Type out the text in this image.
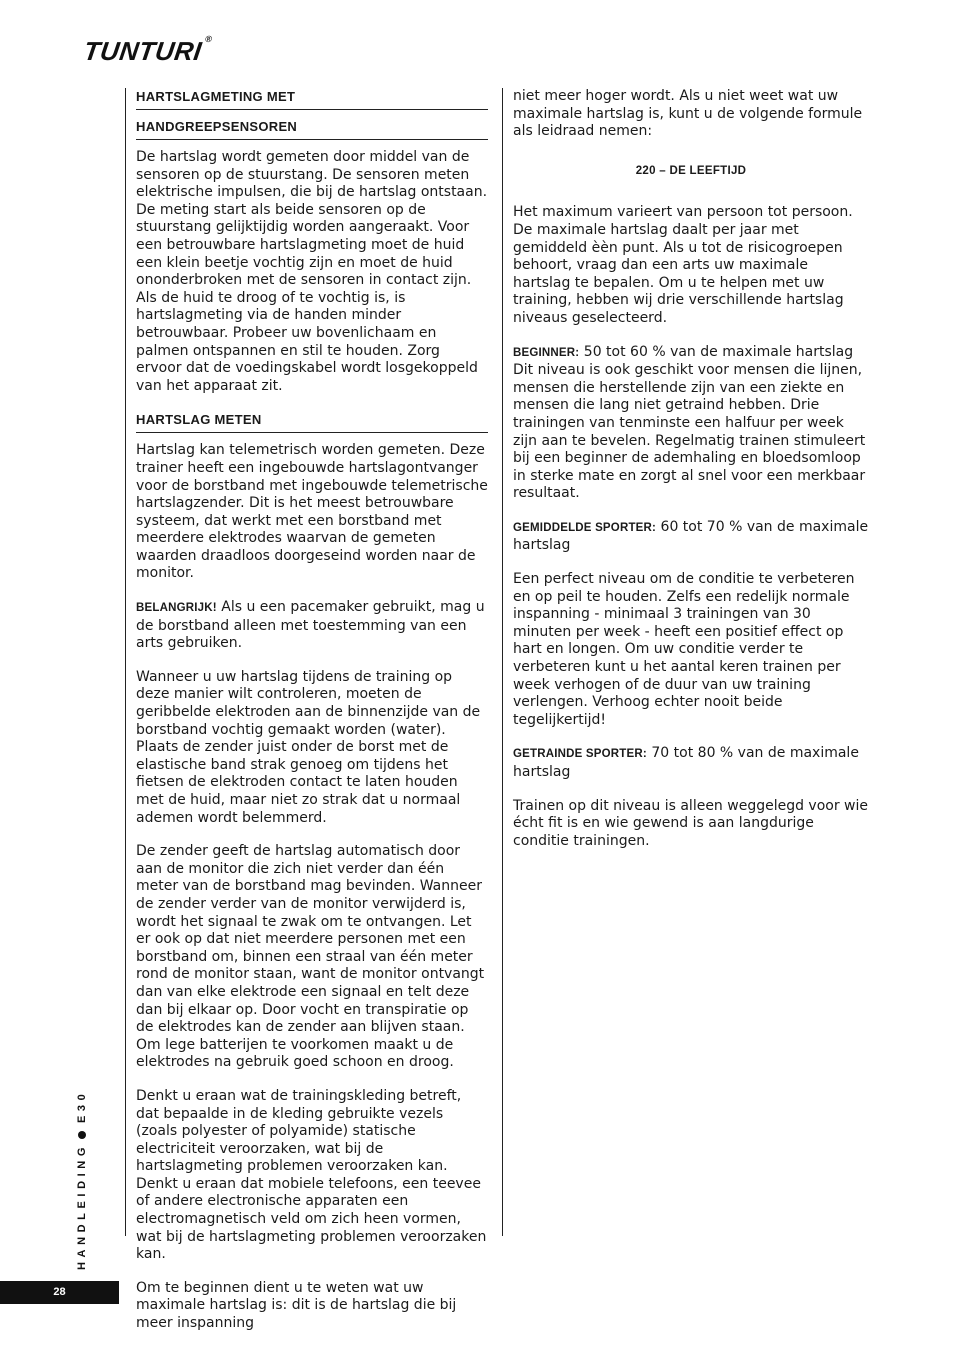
TUNTURI®
HARTSLAGMETING MET
HANDGREEPSENSOREN

De hartslag wordt gemeten door middel van de sensoren op de stuurstang. De sensoren meten elektrische impulsen, die bij de hartslag ontstaan. De meting start als beide sensoren op de stuurstang gelijktijdig worden aangeraakt. Voor een betrouwbare hartslagmeting moet de huid een klein beetje vochtig zijn en moet de huid ononderbroken met de sensoren in contact zijn. Als de huid te droog of te vochtig is, is hartslagmeting via de handen minder betrouwbaar. Probeer uw bovenlichaam en palmen ontspannen en stil te houden. Zorg ervoor dat de voedingskabel wordt losgekoppeld van het apparaat zit.

HARTSLAG METEN

Hartslag kan telemetrisch worden gemeten. Deze trainer heeft een ingebouwde hartslagontvanger voor de borstband met ingebouwde telemetrische hartslagzender. Dit is het meest betrouwbare systeem, dat werkt met een borstband met meerdere elektrodes waarvan de gemeten waarden draadloos doorgeseind worden naar de monitor.

BELANGRIJK! Als u een pacemaker gebruikt, mag u de borstband alleen met toestemming van een arts gebruiken.

Wanneer u uw hartslag tijdens de training op deze manier wilt controleren, moeten de geribbelde elektroden aan de binnenzijde van de borstband vochtig gemaakt worden (water). Plaats de zender juist onder de borst met de elastische band strak genoeg om tijdens het fietsen de elektroden contact te laten houden met de huid, maar niet zo strak dat u normaal ademen wordt belemmerd.

De zender geeft de hartslag automatisch door aan de monitor die zich niet verder dan één meter van de borstband mag bevinden. Wanneer de zender verder van de monitor verwijderd is, wordt het signaal te zwak om te ontvangen. Let er ook op dat niet meerdere personen met een borstband om, binnen een straal van één meter rond de monitor staan, want de monitor ontvangt dan van elke elektrode een signaal en telt deze dan bij elkaar op. Door vocht en transpiratie op de elektrodes kan de zender aan blijven staan. Om lege batterijen te voorkomen maakt u de elektrodes na gebruik goed schoon en droog.

Denkt u eraan wat de trainingskleding betreft, dat bepaalde in de kleding gebruikte vezels (zoals polyester of polyamide) statische electriciteit veroorzaken, wat bij de hartslagmeting problemen veroorzaken kan. Denkt u eraan dat mobiele telefoons, een teevee of andere electronische apparaten een electromagnetisch veld om zich heen vormen, wat bij de hartslagmeting problemen veroorzaken kan.

Om te beginnen dient u te weten wat uw maximale hartslag is: dit is de hartslag die bij meer inspanning

niet meer hoger wordt. Als u niet weet wat uw maximale hartslag is, kunt u de volgende formule als leidraad nemen:

220 – DE LEEFTIJD

Het maximum varieert van persoon tot persoon. De maximale hartslag daalt per jaar met gemiddeld èèn punt. Als u tot de risicogroepen behoort, vraag dan een arts uw maximale hartslag te bepalen. Om u te helpen met uw training, hebben wij drie verschillende hartslag niveaus geselecteerd.

BEGINNER: 50 tot 60 % van de maximale hartslag Dit niveau is ook geschikt voor mensen die lijnen, mensen die herstellende zijn van een ziekte en mensen die lang niet getraind hebben. Drie trainingen van tenminste een halfuur per week zijn aan te bevelen. Regelmatig trainen stimuleert bij een beginner de ademhaling en bloedsomloop in sterke mate en zorgt al snel voor een merkbaar resultaat.

GEMIDDELDE SPORTER: 60 tot 70 % van de maximale hartslag

Een perfect niveau om de conditie te verbeteren en op peil te houden. Zelfs een redelijk normale inspanning - minimaal 3 trainingen van 30 minuten per week - heeft een positief effect op hart en longen. Om uw conditie verder te verbeteren kunt u het aantal keren trainen per week verhogen of de duur van uw training verlengen. Verhoog echter nooit beide tegelijkertijd!

GETRAINDE SPORTER: 70 tot 80 % van de maximale hartslag

Trainen op dit niveau is alleen weggelegd voor wie écht fit is en wie gewend is aan langdurige conditie trainingen.

HANDLEIDINGE30
28
